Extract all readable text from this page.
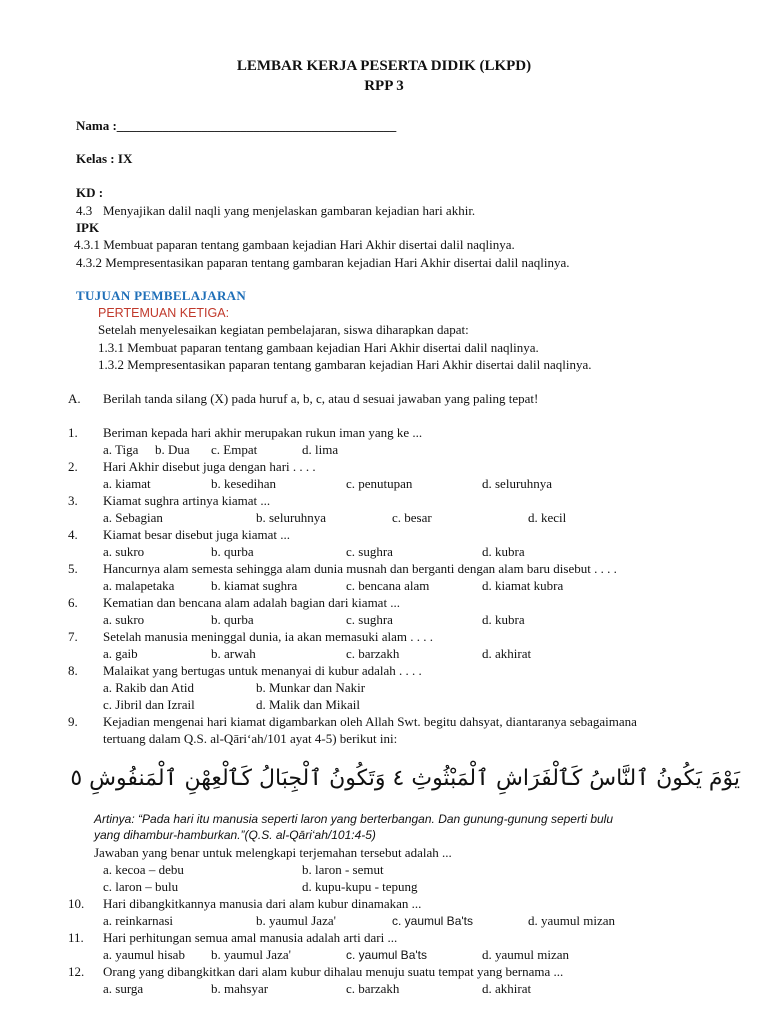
LEMBAR KERJA PESERTA DIDIK (LKPD)
RPP 3
Nama :___________________________________________
Kelas : IX
KD :
4.3 Menyajikan dalil naqli yang menjelaskan gambaran kejadian hari akhir.
IPK
4.3.1 Membuat paparan tentang gambaan kejadian Hari Akhir disertai dalil naqlinya.
4.3.2 Mempresentasikan paparan tentang gambaran kejadian Hari Akhir disertai dalil naqlinya.
TUJUAN PEMBELAJARAN
PERTEMUAN KETIGA:
Setelah menyelesaikan kegiatan pembelajaran, siswa diharapkan dapat:
1.3.1 Membuat paparan tentang gambaan kejadian Hari Akhir disertai dalil naqlinya.
1.3.2 Mempresentasikan paparan tentang gambaran kejadian Hari Akhir disertai dalil naqlinya.
A. Berilah tanda silang (X) pada huruf a, b, c, atau d sesuai jawaban yang paling tepat!
1. Beriman kepada hari akhir merupakan rukun iman yang ke ...
a. Tiga b. Dua c. Empat	d. lima
2. Hari Akhir disebut juga dengan hari . . . .
a. kiamat	b. kesedihan	c. penutupan	d. seluruhnya
3. Kiamat sughra artinya kiamat ...
a. Sebagian	b. seluruhnya	c. besar	d. kecil
4. Kiamat besar disebut juga kiamat ...
a. sukro	b. qurba	c. sughra	d. kubra
5. Hancurnya alam semesta sehingga alam dunia musnah dan berganti dengan alam baru disebut . . . .
a. malapetaka	b. kiamat sughra	c. bencana alam	d. kiamat kubra
6. Kematian dan bencana alam adalah bagian dari kiamat ...
a. sukro	b. qurba	c. sughra	d. kubra
7. Setelah manusia meninggal dunia, ia akan memasuki alam . . . .
a. gaib	b. arwah	c. barzakh	d. akhirat
8. Malaikat yang bertugas untuk menanyai di kubur adalah . . . .
a. Rakib dan Atid	b. Munkar dan Nakir
c. Jibril dan Izrail	d. Malik dan Mikail
9. Kejadian mengenai hari kiamat digambarkan oleh Allah Swt. begitu dahsyat, diantaranya sebagaimana
tertuang dalam Q.S. al-Qāri‘ah/101 ayat 4-5) berikut ini:
يَوْمَ يَكُونُ ٱلنَّاسُ كَٱلْفَرَاشِ ٱلْمَبْثُوثِ ٤ وَتَكُونُ ٱلْجِبَالُ كَٱلْعِهْنِ ٱلْمَنفُوشِ ٥
Artinya: “Pada hari itu manusia seperti laron yang berterbangan. Dan gunung-gunung seperti bulu
yang dihambur-hamburkan.”(Q.S. al-Qāri‘ah/101:4-5)
Jawaban yang benar untuk melengkapi terjemahan tersebut adalah ...
a. kecoa – debu	b. laron - semut
c. laron – bulu	d. kupu-kupu - tepung
10. Hari dibangkitkannya manusia dari alam kubur dinamakan ...
a. reinkarnasi	b. yaumul Jaza'	c. yaumul Ba'ts	d. yaumul mizan
11. Hari perhitungan semua amal manusia adalah arti dari ...
a. yaumul hisab b. yaumul Jaza'	c. yaumul Ba'ts	d. yaumul mizan
12. Orang yang dibangkitkan dari alam kubur dihalau menuju suatu tempat yang bernama ...
a. surga	b. mahsyar	c. barzakh	d. akhirat
